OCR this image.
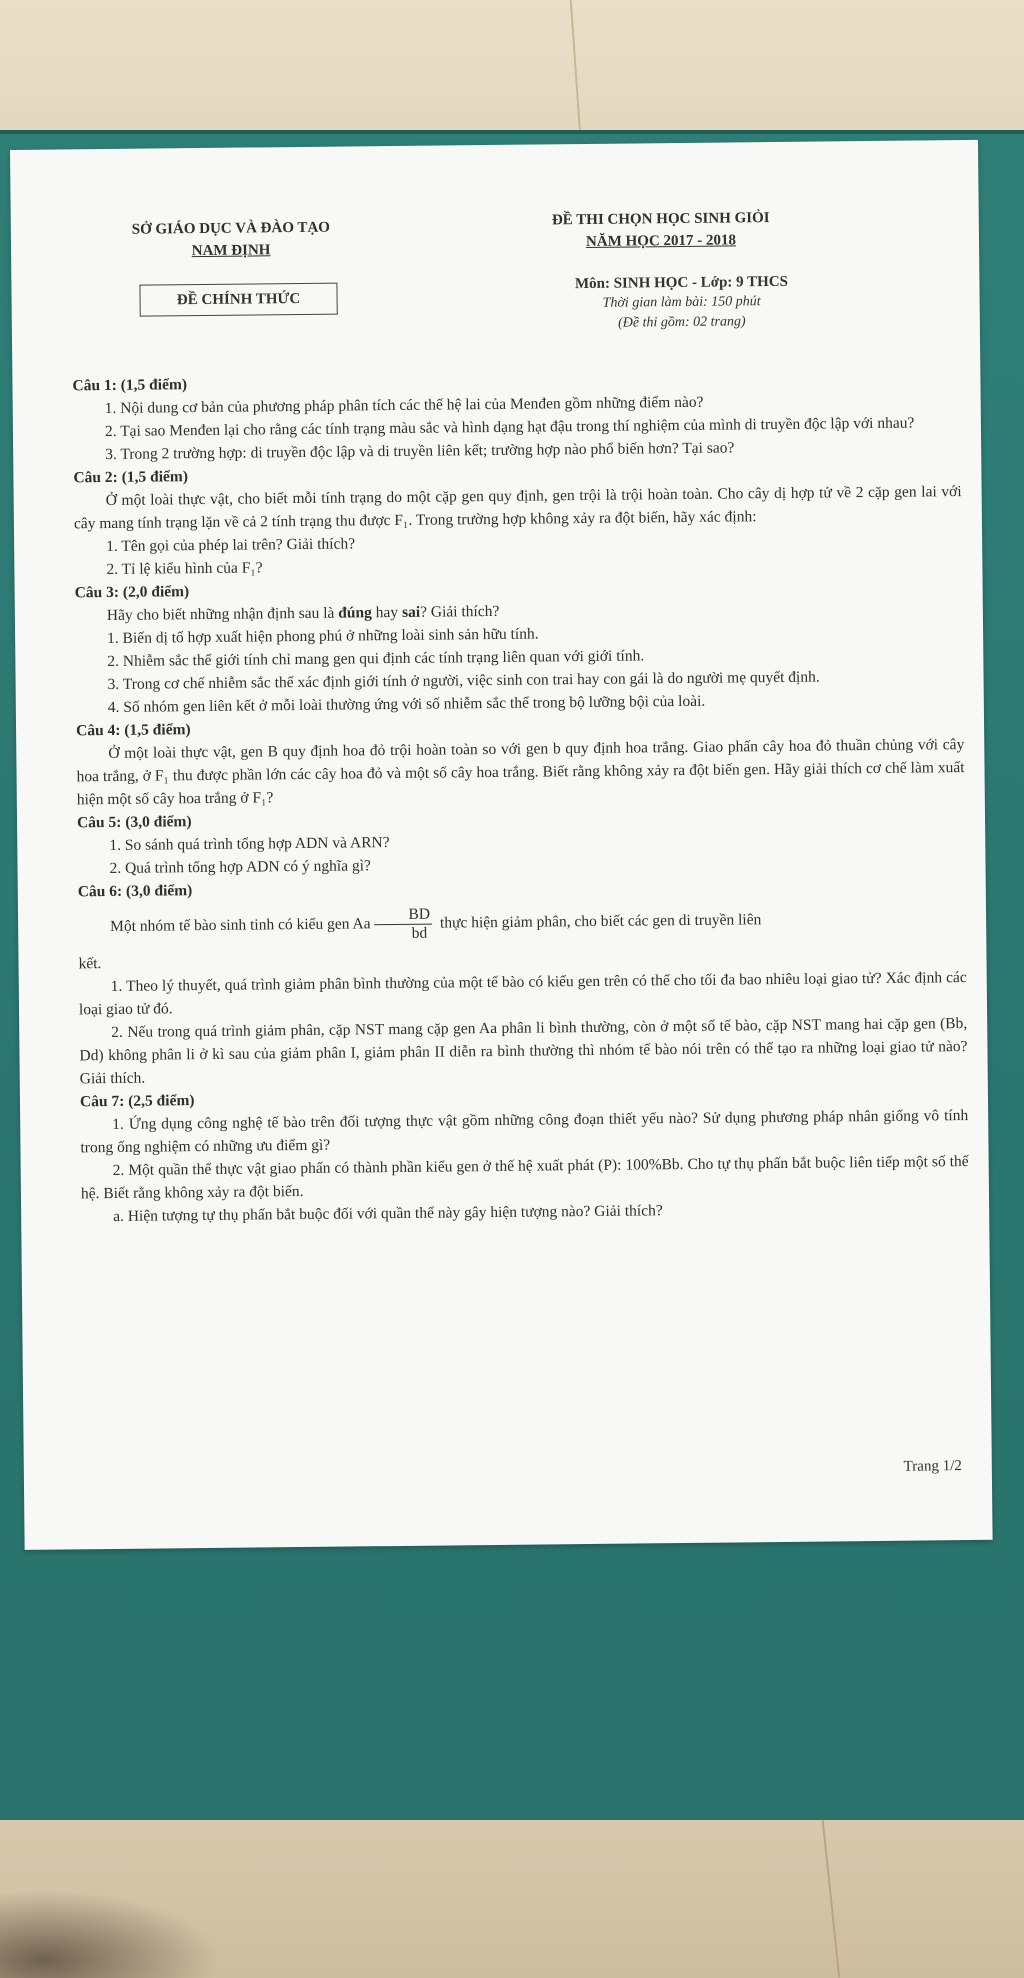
SỞ GIÁO DỤC VÀ ĐÀO TẠO
NAM ĐỊNH
ĐỀ THI CHỌN HỌC SINH GIỎI
NĂM HỌC 2017 - 2018
ĐỀ CHÍNH THỨC
Môn: SINH HỌC - Lớp: 9 THCS
Thời gian làm bài: 150 phút
(Đề thi gồm: 02 trang)
Câu 1: (1,5 điểm)

1. Nội dung cơ bản của phương pháp phân tích các thế hệ lai của Menđen gồm những điểm nào?

2. Tại sao Menđen lại cho rằng các tính trạng màu sắc và hình dạng hạt đậu trong thí nghiệm của mình di truyền độc lập với nhau?

3. Trong 2 trường hợp: di truyền độc lập và di truyền liên kết; trường hợp nào phổ biến hơn? Tại sao?

Câu 2: (1,5 điểm)

Ở một loài thực vật, cho biết mỗi tính trạng do một cặp gen quy định, gen trội là trội hoàn toàn. Cho cây dị hợp tử về 2 cặp gen lai với cây mang tính trạng lặn về cả 2 tính trạng thu được F₁. Trong trường hợp không xảy ra đột biến, hãy xác định:

1. Tên gọi của phép lai trên? Giải thích?

2. Tỉ lệ kiểu hình của F₁?

Câu 3: (2,0 điểm)

Hãy cho biết những nhận định sau là đúng hay sai? Giải thích?

1. Biến dị tổ hợp xuất hiện phong phú ở những loài sinh sản hữu tính.

2. Nhiễm sắc thể giới tính chỉ mang gen qui định các tính trạng liên quan với giới tính.

3. Trong cơ chế nhiễm sắc thể xác định giới tính ở người, việc sinh con trai hay con gái là do người mẹ quyết định.

4. Số nhóm gen liên kết ở mỗi loài thường ứng với số nhiễm sắc thể trong bộ lưỡng bội của loài.

Câu 4: (1,5 điểm)

Ở một loài thực vật, gen B quy định hoa đỏ trội hoàn toàn so với gen b quy định hoa trắng. Giao phấn cây hoa đỏ thuần chủng với cây hoa trắng, ở F₁ thu được phần lớn các cây hoa đỏ và một số cây hoa trắng. Biết rằng không xảy ra đột biến gen. Hãy giải thích cơ chế làm xuất hiện một số cây hoa trắng ở F₁?

Câu 5: (3,0 điểm)

1. So sánh quá trình tổng hợp ADN và ARN?

2. Quá trình tổng hợp ADN có ý nghĩa gì?

Câu 6: (3,0 điểm)

Một nhóm tế bào sinh tinh có kiểu gen Aa $\frac{BD}{bd}$ thực hiện giảm phân, cho biết các gen di truyền liên

kết.

1. Theo lý thuyết, quá trình giảm phân bình thường của một tế bào có kiểu gen trên có thể cho tối đa bao nhiêu loại giao tử? Xác định các loại giao tử đó.

2. Nếu trong quá trình giảm phân, cặp NST mang cặp gen Aa phân li bình thường, còn ở một số tế bào, cặp NST mang hai cặp gen (Bb, Dd) không phân li ở kì sau của giảm phân I, giảm phân II diễn ra bình thường thì nhóm tế bào nói trên có thể tạo ra những loại giao tử nào? Giải thích.

Câu 7: (2,5 điểm)

1. Ứng dụng công nghệ tế bào trên đối tượng thực vật gồm những công đoạn thiết yếu nào? Sử dụng phương pháp nhân giống vô tính trong ống nghiệm có những ưu điểm gì?

2. Một quần thể thực vật giao phấn có thành phần kiểu gen ở thế hệ xuất phát (P): 100%Bb. Cho tự thụ phấn bắt buộc liên tiếp một số thế hệ. Biết rằng không xảy ra đột biến.

a. Hiện tượng tự thụ phấn bắt buộc đối với quần thể này gây hiện tượng nào? Giải thích?

Trang 1/2
